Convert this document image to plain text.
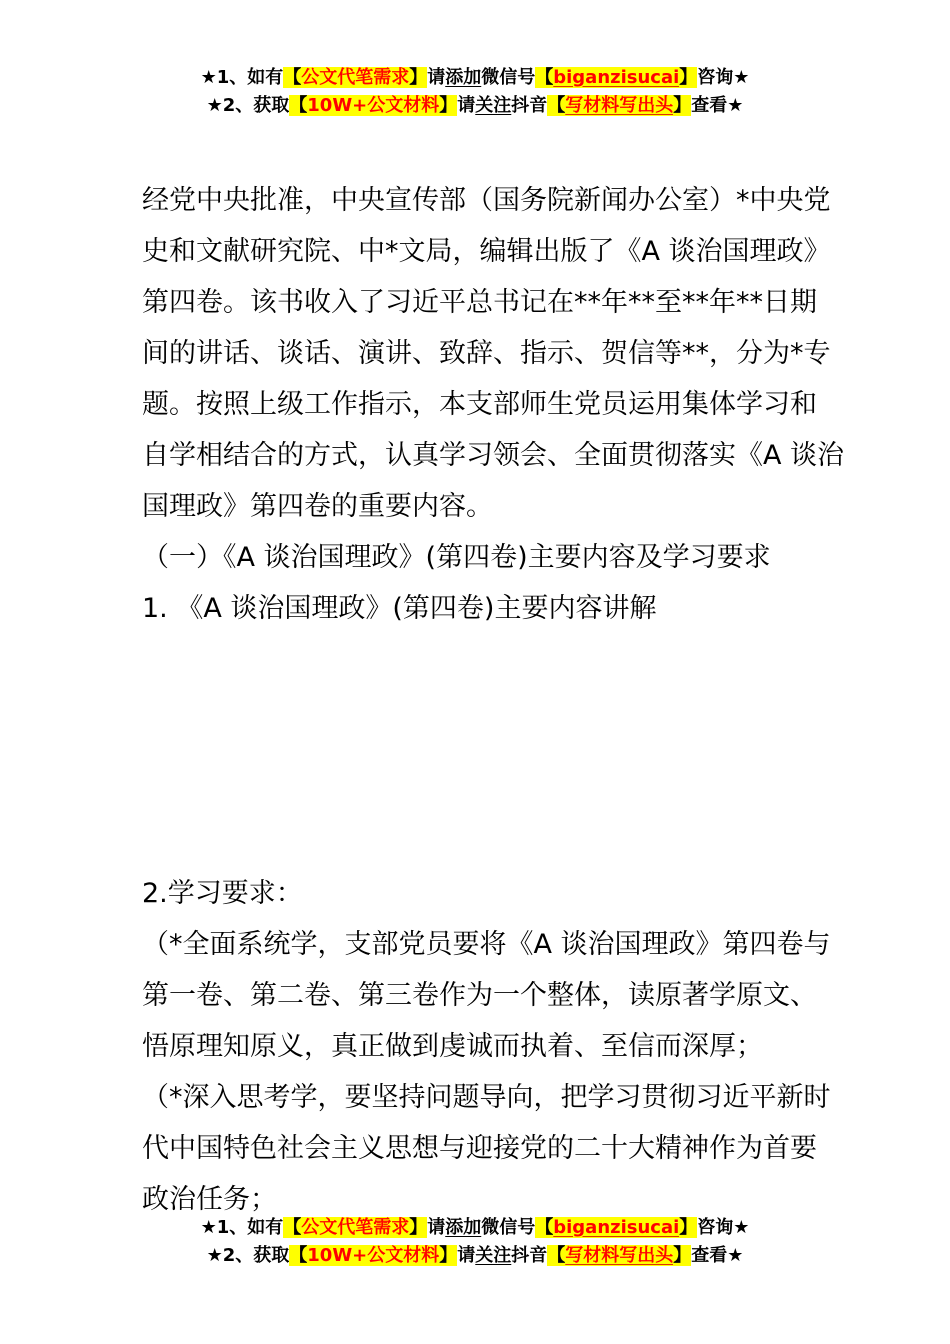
★1、如有【公文代笔需求】请添加微信号【biganzisucai】咨询★
★2、获取【10W+公文材料】请关注抖音【写材料写出头】查看★
经党中央批准，中央宣传部（国务院新闻办公室）*中央党
史和文献研究院、中*文局，编辑出版了《A 谈治国理政》
第四卷。该书收入了习近平总书记在**年**至**年**日期
间的讲话、谈话、演讲、致辞、指示、贺信等**，分为*专
题。按照上级工作指示，本支部师生党员运用集体学习和
自学相结合的方式，认真学习领会、全面贯彻落实《A 谈治
国理政》第四卷的重要内容。
（一）《A 谈治国理政》(第四卷)主要内容及学习要求
1. 《A 谈治国理政》(第四卷)主要内容讲解
2.学习要求：
（*全面系统学，支部党员要将《A 谈治国理政》第四卷与
第一卷、第二卷、第三卷作为一个整体，读原著学原文、
悟原理知原义，真正做到虔诚而执着、至信而深厚；
（*深入思考学，要坚持问题导向，把学习贯彻习近平新时
代中国特色社会主义思想与迎接党的二十大精神作为首要
政治任务；
★1、如有【公文代笔需求】请添加微信号【biganzisucai】咨询★
★2、获取【10W+公文材料】请关注抖音【写材料写出头】查看★
